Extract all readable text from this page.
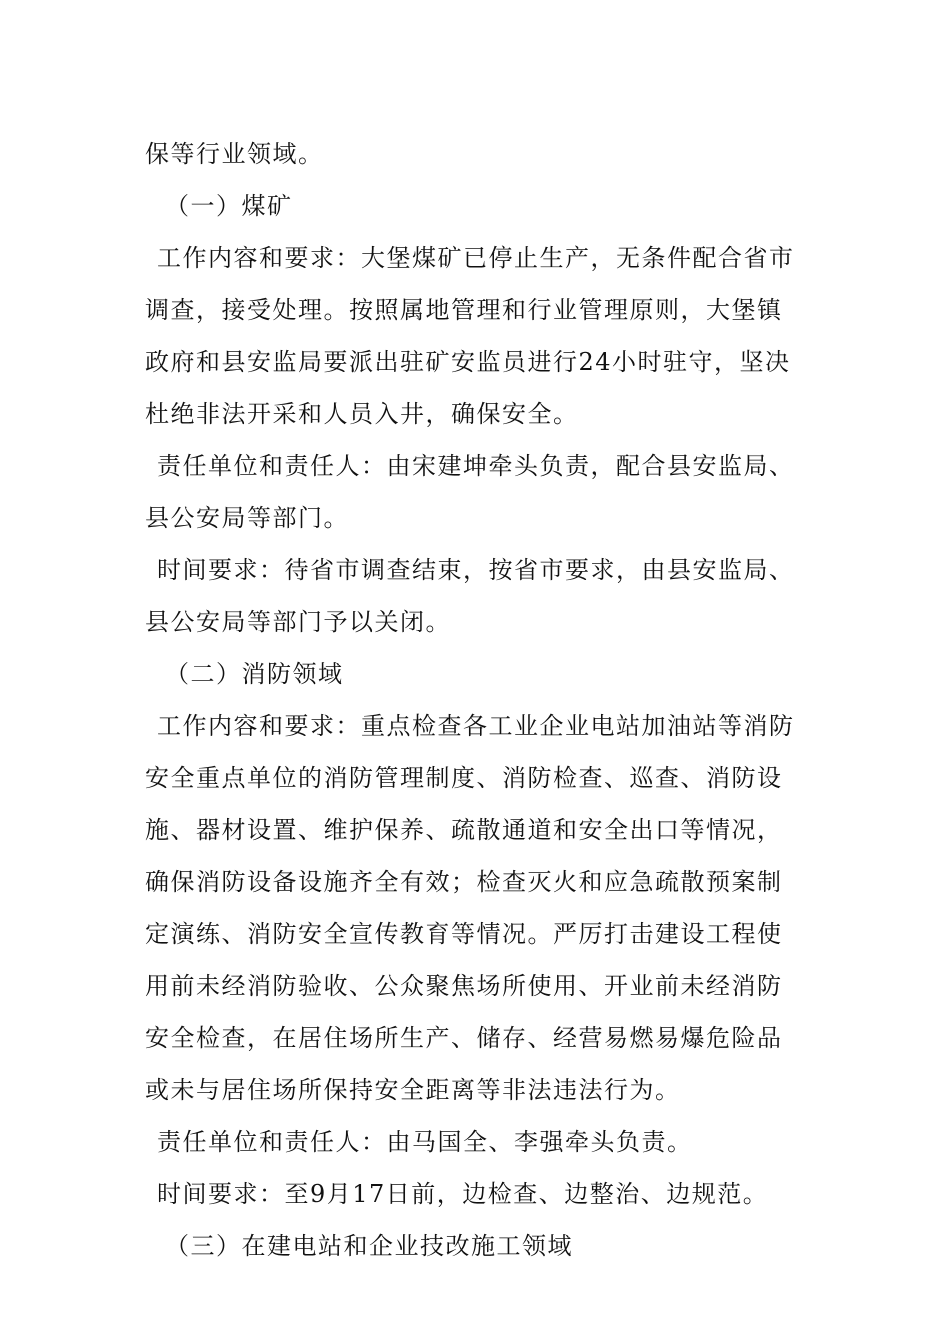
保等行业领域。
（一）煤矿
工作内容和要求：大堡煤矿已停止生产，无条件配合省市
调查，接受处理。按照属地管理和行业管理原则，大堡镇
政府和县安监局要派出驻矿安监员进行24小时驻守，坚决
杜绝非法开采和人员入井，确保安全。
责任单位和责任人：由宋建坤牵头负责，配合县安监局、
县公安局等部门。
时间要求：待省市调查结束，按省市要求，由县安监局、
县公安局等部门予以关闭。
（二）消防领域
工作内容和要求：重点检查各工业企业电站加油站等消防
安全重点单位的消防管理制度、消防检查、巡查、消防设
施、器材设置、维护保养、疏散通道和安全出口等情况，
确保消防设备设施齐全有效；检查灭火和应急疏散预案制
定演练、消防安全宣传教育等情况。严厉打击建设工程使
用前未经消防验收、公众聚焦场所使用、开业前未经消防
安全检查，在居住场所生产、储存、经营易燃易爆危险品
或未与居住场所保持安全距离等非法违法行为。
责任单位和责任人：由马国全、李强牵头负责。
时间要求：至9月17日前，边检查、边整治、边规范。
（三）在建电站和企业技改施工领域
